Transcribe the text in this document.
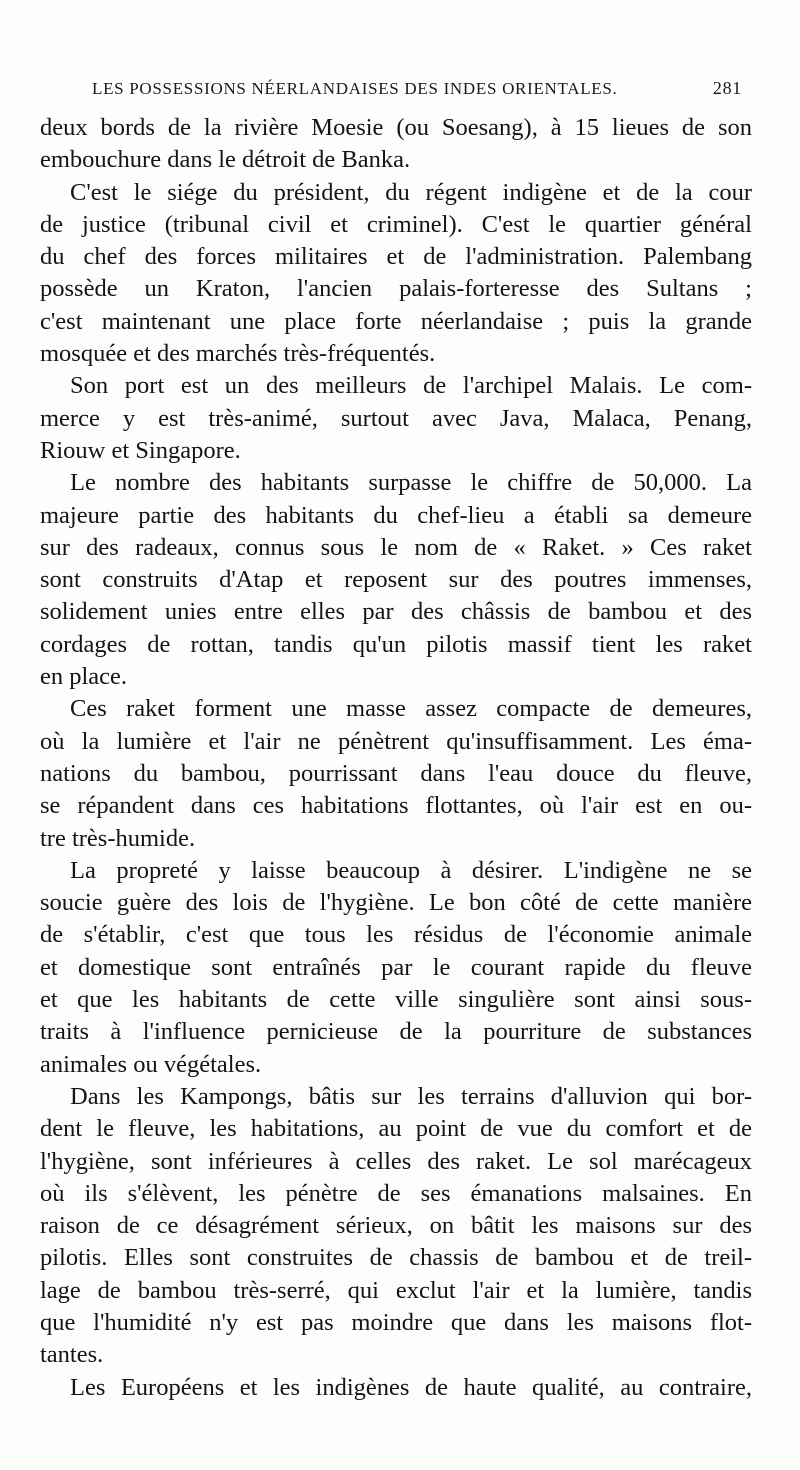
LES POSSESSIONS NÉERLANDAISES DES INDES ORIENTALES.	281
deux bords de la rivière Moesie (ou Soesang), à 15 lieues de son
embouchure dans le détroit de Banka.
C'est le siége du président, du régent indigène et de la cour
de justice (tribunal civil et criminel). C'est le quartier général
du chef des forces militaires et de l'administration. Palembang
possède un Kraton, l'ancien palais-forteresse des Sultans ;
c'est maintenant une place forte néerlandaise ; puis la grande
mosquée et des marchés très-fréquentés.
Son port est un des meilleurs de l'archipel Malais. Le com-
merce y est très-animé, surtout avec Java, Malaca, Penang,
Riouw et Singapore.
Le nombre des habitants surpasse le chiffre de 50,000. La
majeure partie des habitants du chef-lieu a établi sa demeure
sur des radeaux, connus sous le nom de « Raket. » Ces raket
sont construits d'Atap et reposent sur des poutres immenses,
solidement unies entre elles par des châssis de bambou et des
cordages de rottan, tandis qu'un pilotis massif tient les raket
en place.
Ces raket forment une masse assez compacte de demeures,
où la lumière et l'air ne pénètrent qu'insuffisamment. Les éma-
nations du bambou, pourrissant dans l'eau douce du fleuve,
se répandent dans ces habitations flottantes, où l'air est en ou-
tre très-humide.
La propreté y laisse beaucoup à désirer. L'indigène ne se
soucie guère des lois de l'hygiène. Le bon côté de cette manière
de s'établir, c'est que tous les résidus de l'économie animale
et domestique sont entraînés par le courant rapide du fleuve
et que les habitants de cette ville singulière sont ainsi sous-
traits à l'influence pernicieuse de la pourriture de substances
animales ou végétales.
Dans les Kampongs, bâtis sur les terrains d'alluvion qui bor-
dent le fleuve, les habitations, au point de vue du comfort et de
l'hygiène, sont inférieures à celles des raket. Le sol marécageux
où ils s'élèvent, les pénètre de ses émanations malsaines. En
raison de ce désagrément sérieux, on bâtit les maisons sur des
pilotis. Elles sont construites de chassis de bambou et de treil-
lage de bambou très-serré, qui exclut l'air et la lumière, tandis
que l'humidité n'y est pas moindre que dans les maisons flot-
tantes.
Les Européens et les indigènes de haute qualité, au contraire,
